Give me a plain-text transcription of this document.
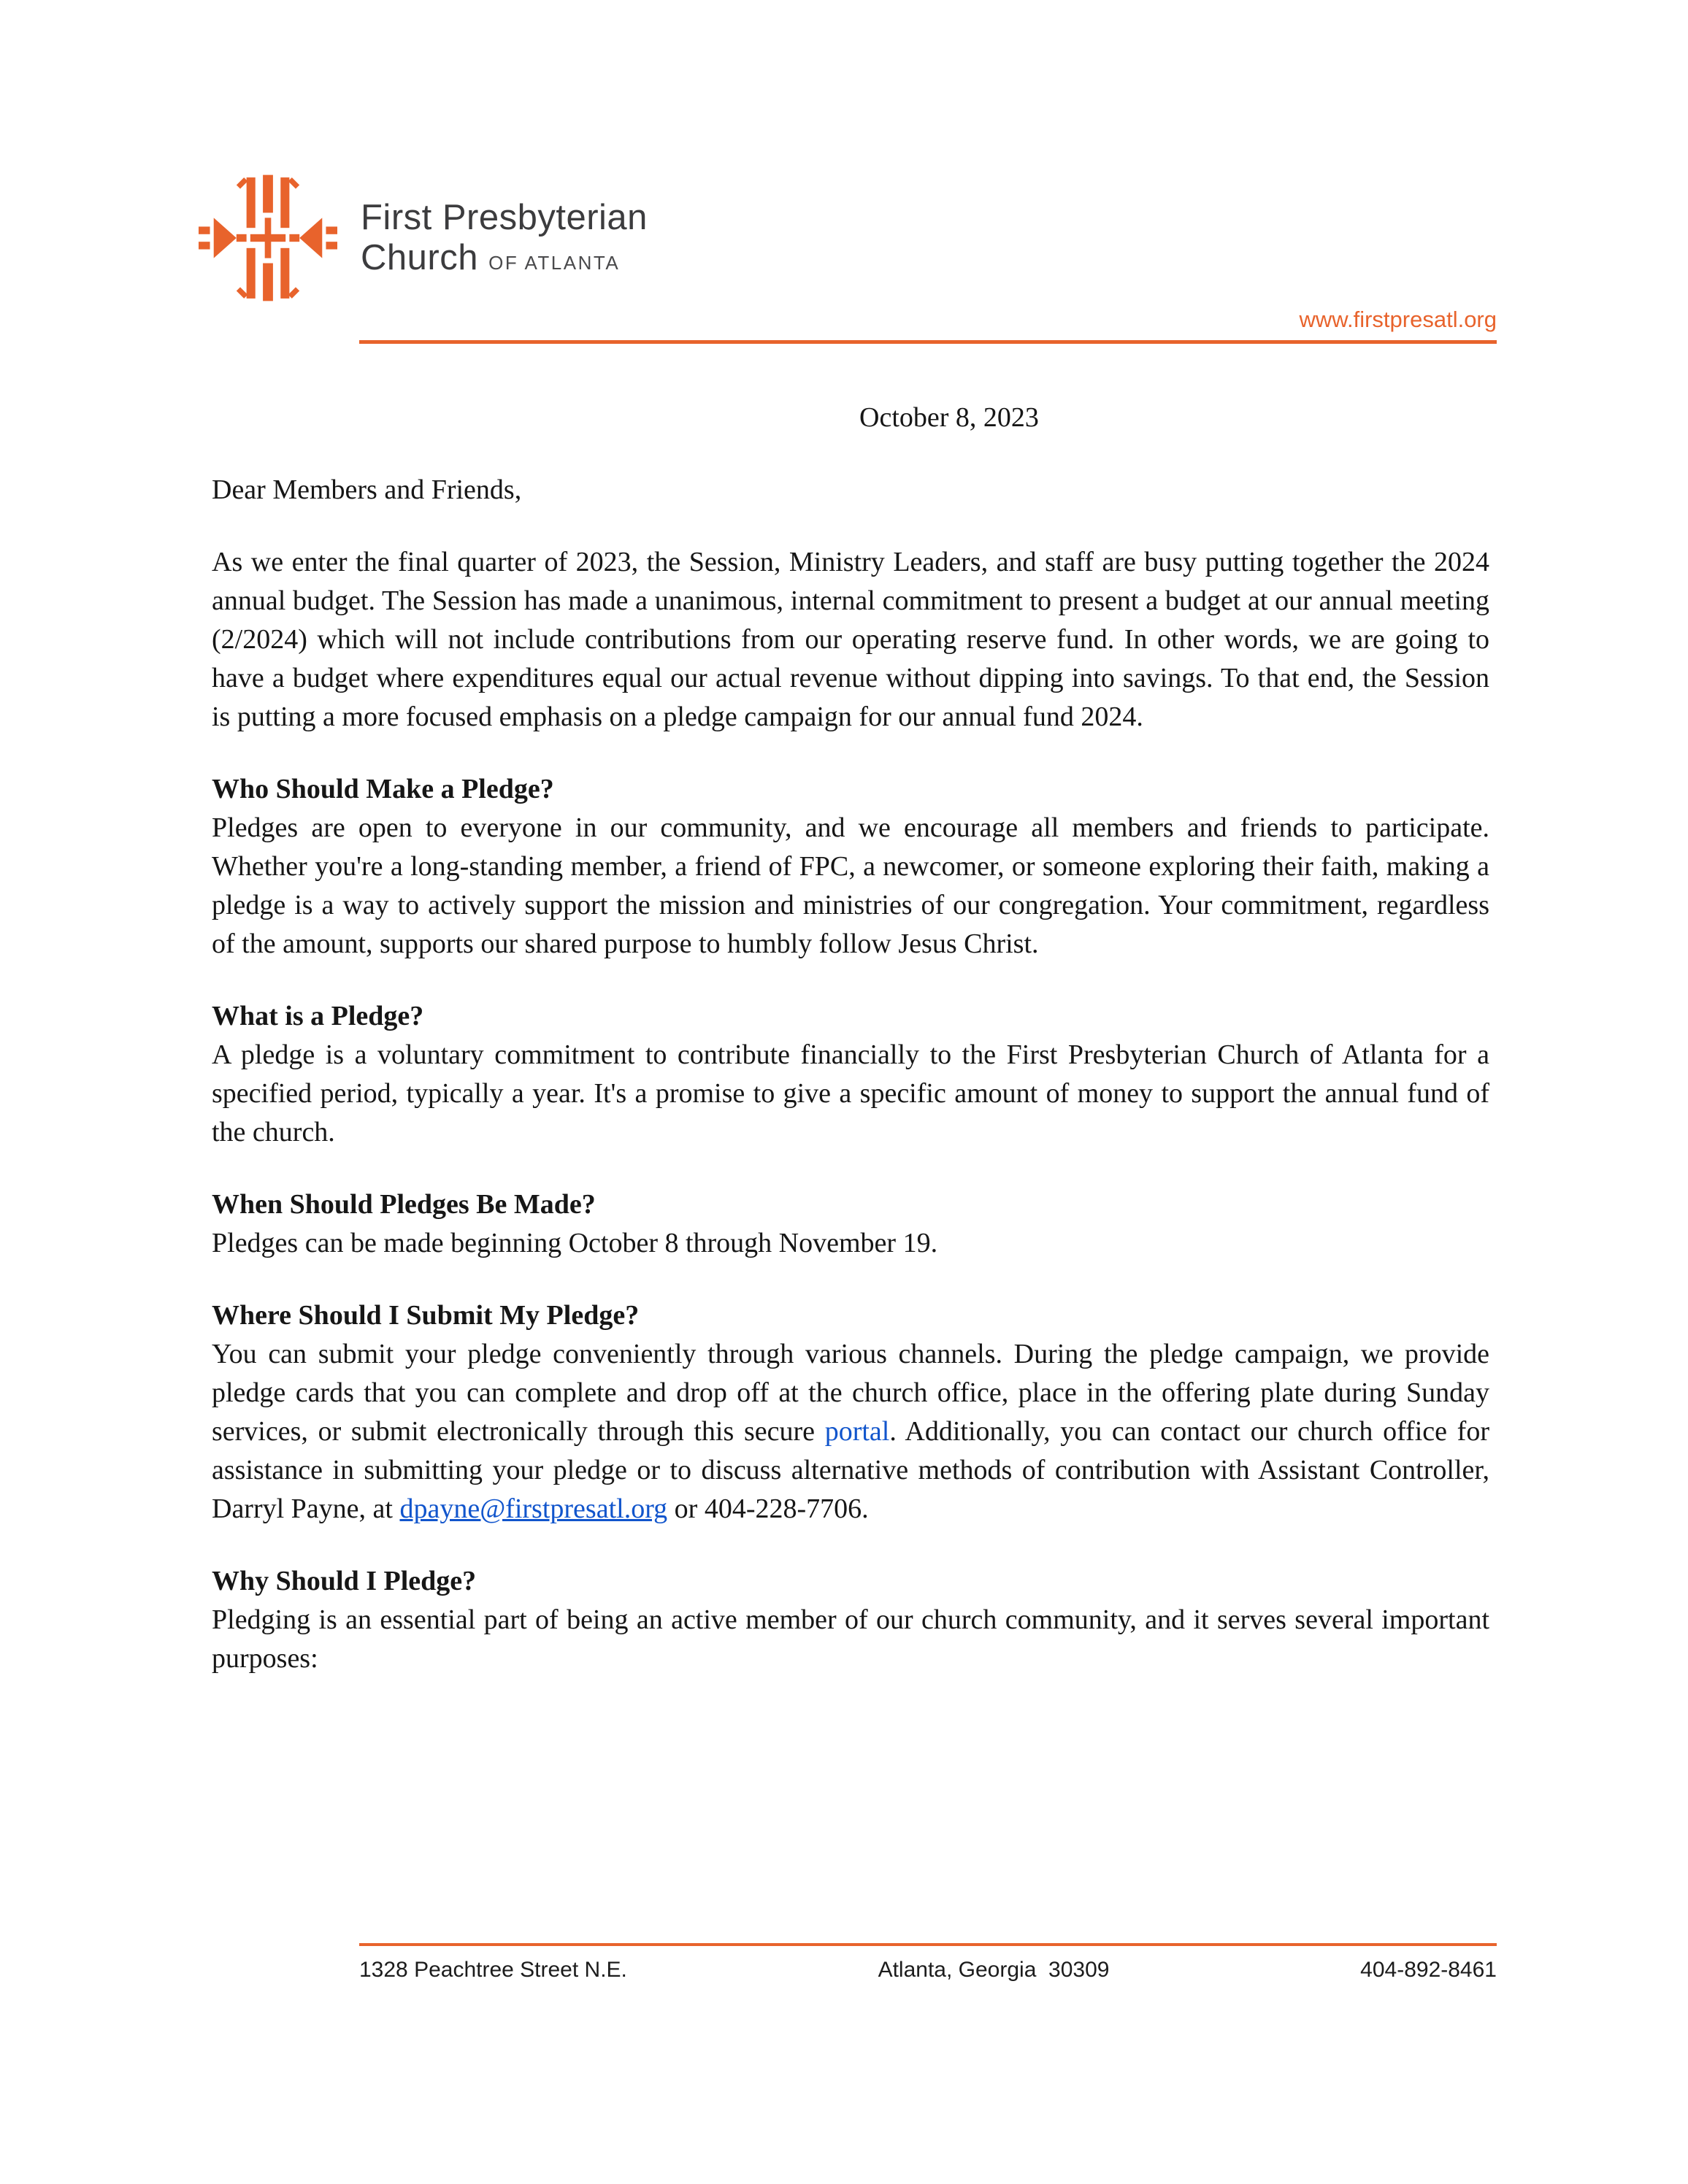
First Presbyterian
Church OF ATLANTA
www.firstpresatl.org

October 8, 2023

Dear Members and Friends,

As we enter the final quarter of 2023, the Session, Ministry Leaders, and staff are busy putting together the 2024 annual budget. The Session has made a unanimous, internal commitment to present a budget at our annual meeting (2/2024) which will not include contributions from our operating reserve fund. In other words, we are going to have a budget where expenditures equal our actual revenue without dipping into savings. To that end, the Session is putting a more focused emphasis on a pledge campaign for our annual fund 2024.

Who Should Make a Pledge?

Pledges are open to everyone in our community, and we encourage all members and friends to participate. Whether you're a long-standing member, a friend of FPC, a newcomer, or someone exploring their faith, making a pledge is a way to actively support the mission and ministries of our congregation. Your commitment, regardless of the amount, supports our shared purpose to humbly follow Jesus Christ.

What is a Pledge?

A pledge is a voluntary commitment to contribute financially to the First Presbyterian Church of Atlanta for a specified period, typically a year. It's a promise to give a specific amount of money to support the annual fund of the church.

When Should Pledges Be Made?

Pledges can be made beginning October 8 through November 19.

Where Should I Submit My Pledge?

You can submit your pledge conveniently through various channels. During the pledge campaign, we provide pledge cards that you can complete and drop off at the church office, place in the offering plate during Sunday services, or submit electronically through this secure portal. Additionally, you can contact our church office for assistance in submitting your pledge or to discuss alternative methods of contribution with Assistant Controller, Darryl Payne, at dpayne@firstpresatl.org or 404-228-7706.

Why Should I Pledge?

Pledging is an essential part of being an active member of our church community, and it serves several important purposes:

1328 Peachtree Street N.E.	Atlanta, Georgia  30309	404-892-8461
